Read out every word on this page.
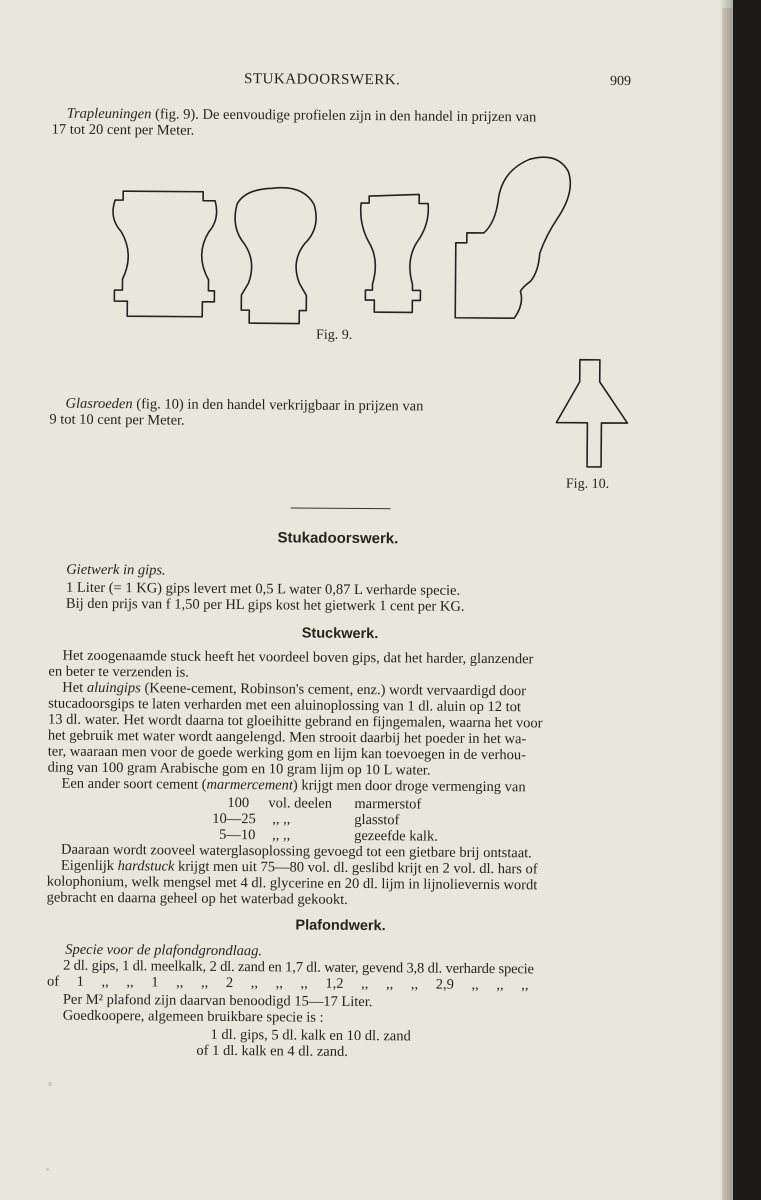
STUKADOORSWERK.	909
Trapleuningen (fig. 9). De eenvoudige profielen zijn in den handel in prijzen van
17 tot 20 cent per Meter.
Fig. 9.
Glasroeden (fig. 10) in den handel verkrijgbaar in prijzen van
9 tot 10 cent per Meter.
Fig. 10.
Stukadoorswerk.
Gietwerk in gips.
1 Liter (= 1 KG) gips levert met 0,5 L water 0,87 L verharde specie.
Bij den prijs van f 1,50 per HL gips kost het gietwerk 1 cent per KG.
Stuckwerk.
Het zoogenaamde stuck heeft het voordeel boven gips, dat het harder, glanzender
en beter te verzenden is.
Het aluingips (Keene-cement, Robinson's cement, enz.) wordt vervaardigd door
stucadoorsgips te laten verharden met een aluinoplossing van 1 dl. aluin op 12 tot
13 dl. water. Het wordt daarna tot gloeihitte gebrand en fijngemalen, waarna het voor
het gebruik met water wordt aangelengd. Men strooit daarbij het poeder in het wa-
ter, waaraan men voor de goede werking gom en lijm kan toevoegen in de verhou-
ding van 100 gram Arabische gom en 10 gram lijm op 10 L water.
Een ander soort cement (marmercement) krijgt men door droge vermenging van
100 vol. deelen marmerstof
10—25 ,, ,,	glasstof
5—10 ,, ,,	gezeefde kalk.
Daaraan wordt zooveel waterglasoplossing gevoegd tot een gietbare brij ontstaat.
Eigenlijk hardstuck krijgt men uit 75—80 vol. dl. geslibd krijt en 2 vol. dl. hars of
kolophonium, welk mengsel met 4 dl. glycerine en 20 dl. lijm in lijnolievernis wordt
gebracht en daarna geheel op het waterbad gekookt.
Plafondwerk.
Specie voor de plafondgrondlaag.
2 dl. gips, 1 dl. meelkalk, 2 dl. zand en 1,7 dl. water, gevend 3,8 dl. verharde specie
of 1 ,, ,, 1 ,, ,, 2 ,, ,, ,, 1,2 ,, ,, ,, 2,9 ,, ,, ,,
Per M² plafond zijn daarvan benoodigd 15—17 Liter.
Goedkoopere, algemeen bruikbare specie is :
1 dl. gips, 5 dl. kalk en 10 dl. zand
of 1 dl. kalk en 4 dl. zand.
